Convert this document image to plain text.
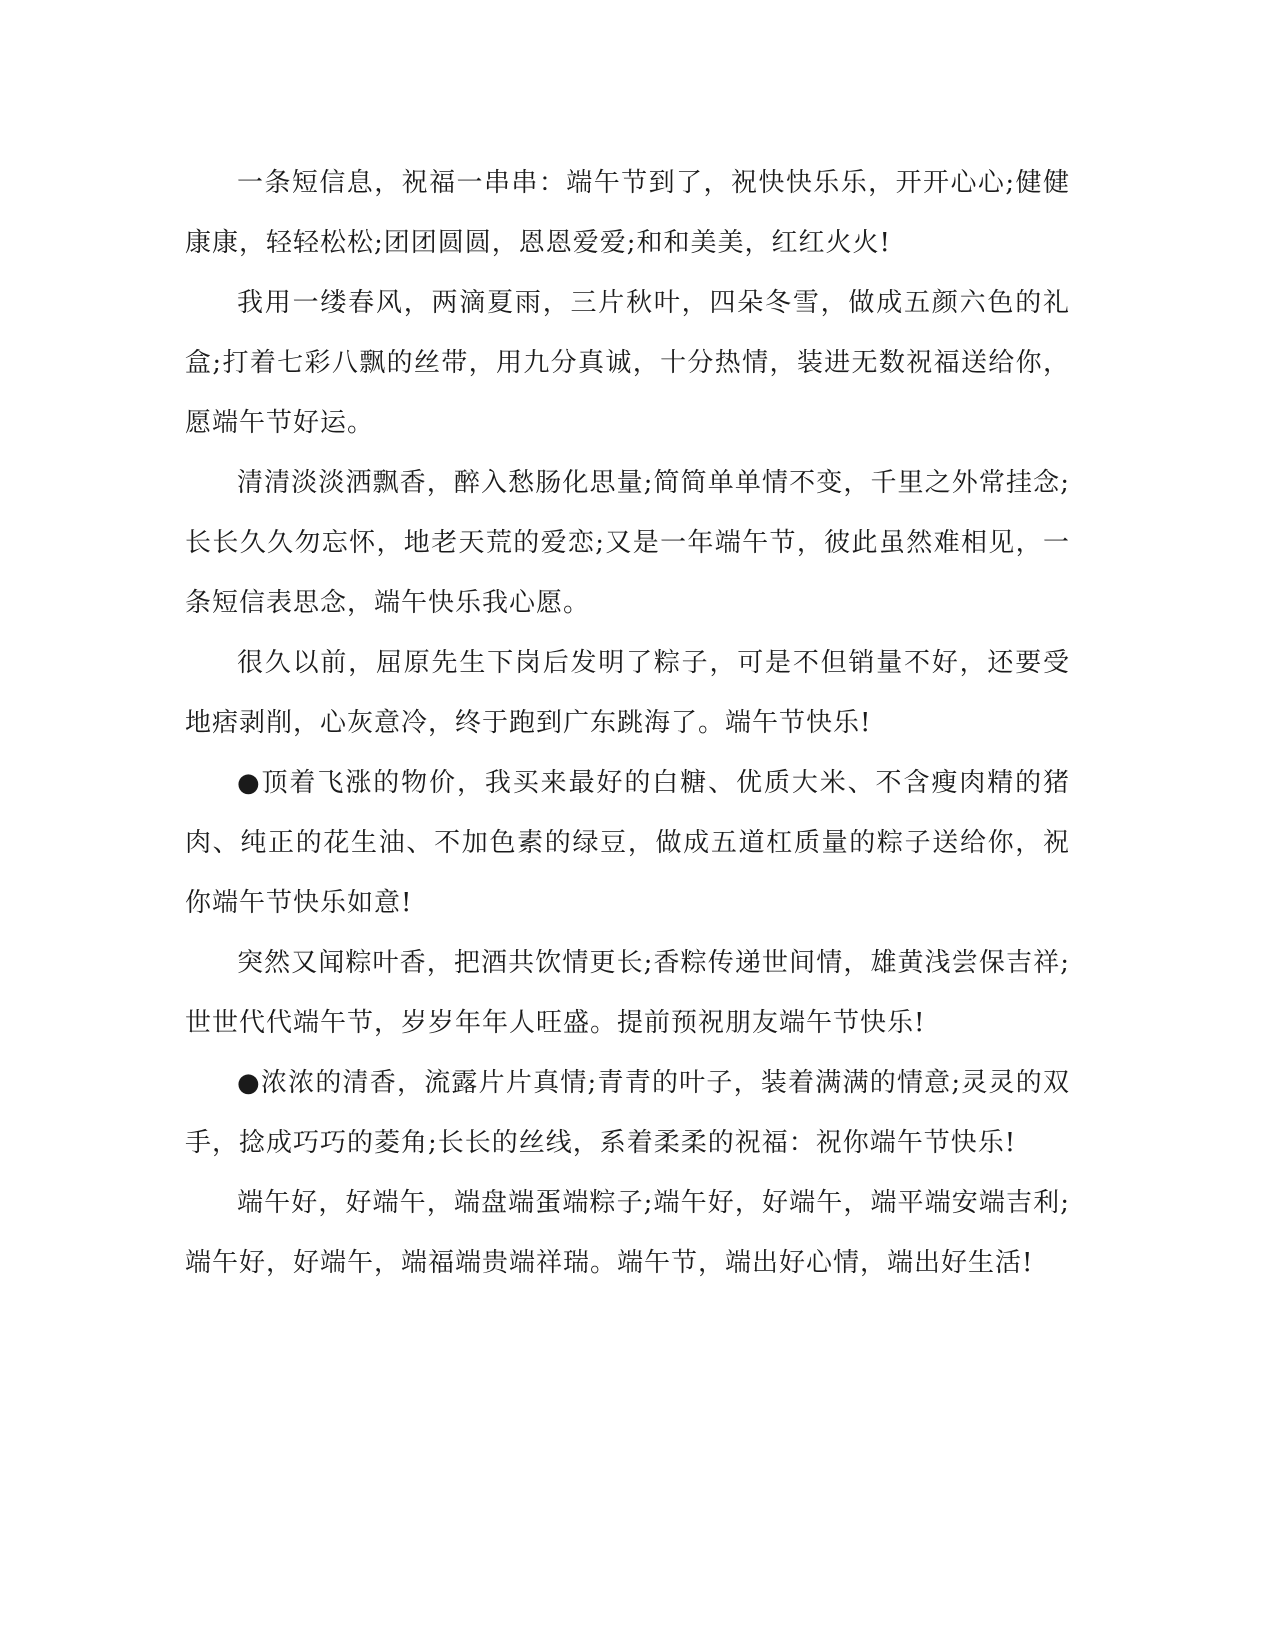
一条短信息，祝福一串串：端午节到了，祝快快乐乐，开开心心;健健康康，轻轻松松;团团圆圆，恩恩爱爱;和和美美，红红火火!

我用一缕春风，两滴夏雨，三片秋叶，四朵冬雪，做成五颜六色的礼盒;打着七彩八飘的丝带，用九分真诚，十分热情，装进无数祝福送给你，愿端午节好运。

清清淡淡洒飘香，醉入愁肠化思量;简简单单情不变，千里之外常挂念;长长久久勿忘怀，地老天荒的爱恋;又是一年端午节，彼此虽然难相见，一条短信表思念，端午快乐我心愿。

很久以前，屈原先生下岗后发明了粽子，可是不但销量不好，还要受地痞剥削，心灰意冷，终于跑到广东跳海了。端午节快乐!

●顶着飞涨的物价，我买来最好的白糖、优质大米、不含瘦肉精的猪肉、纯正的花生油、不加色素的绿豆，做成五道杠质量的粽子送给你，祝你端午节快乐如意!

突然又闻粽叶香，把酒共饮情更长;香粽传递世间情，雄黄浅尝保吉祥;世世代代端午节，岁岁年年人旺盛。提前预祝朋友端午节快乐!

●浓浓的清香，流露片片真情;青青的叶子，装着满满的情意;灵灵的双手，捻成巧巧的菱角;长长的丝线，系着柔柔的祝福：祝你端午节快乐!

端午好，好端午，端盘端蛋端粽子;端午好，好端午，端平端安端吉利;端午好，好端午，端福端贵端祥瑞。端午节，端出好心情，端出好生活!
